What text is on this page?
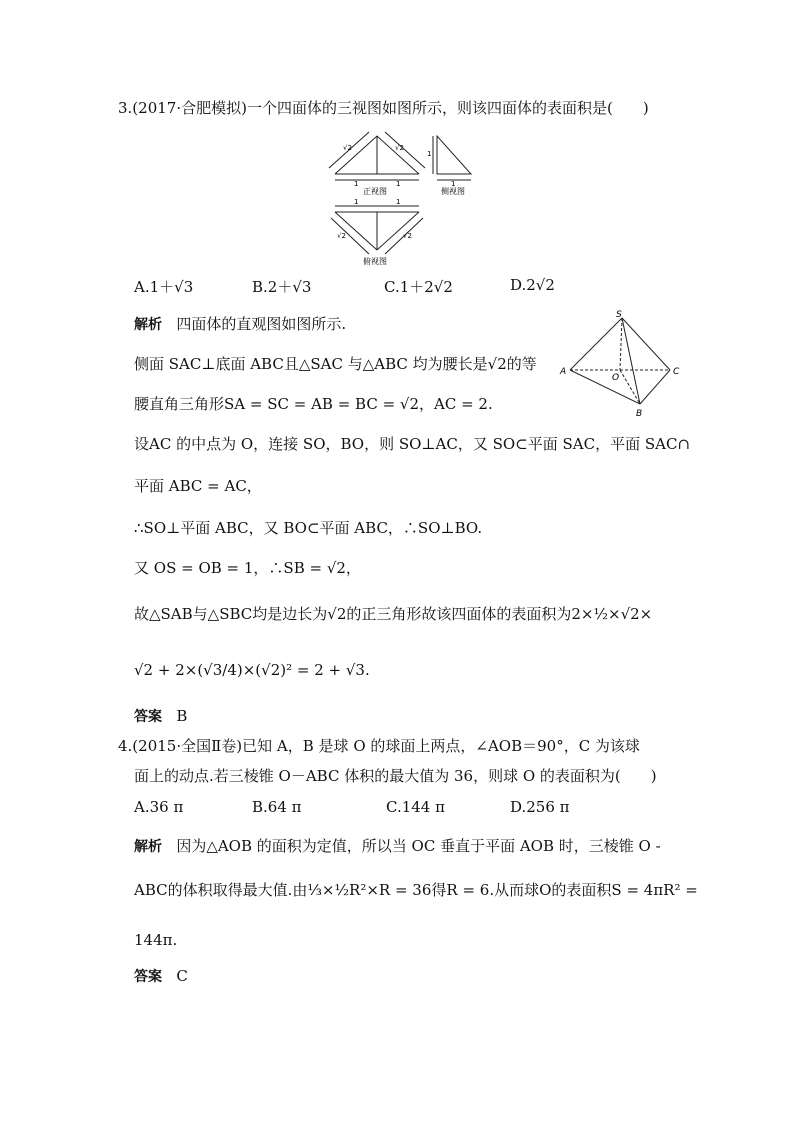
3.(2017·合肥模拟)一个四面体的三视图如图所示，则该四面体的表面积是(　　)
1	1
√2	√2
正视图
1
1
侧视图
1	1
√2	√2
俯视图
A.1＋√3	B.2＋√3	C.1＋2√2	D.2√2
解析 四面体的直观图如图所示.	S
A	C
O
B
侧面 SAC⊥底面 ABC且△SAC 与△ABC 均为腰长是√2的等
腰直角三角形SA = SC = AB = BC = √2，AC = 2.
设AC 的中点为 O，连接 SO，BO，则 SO⊥AC，又 SO⊂平面 SAC，平面 SAC∩
平面 ABC = AC，
∴SO⊥平面 ABC，又 BO⊂平面 ABC，∴SO⊥BO.
又 OS = OB = 1，∴SB = √2，
故△SAB与△SBC均是边长为√2的正三角形故该四面体的表面积为2×½×√2×
√2 + 2×(√3/4)×(√2)² = 2 + √3.
答案 B
4.(2015·全国Ⅱ卷)已知 A，B 是球 O 的球面上两点，∠AOB＝90°，C 为该球
面上的动点.若三棱锥 O－ABC 体积的最大值为 36，则球 O 的表面积为(　　)
A.36 π	B.64 π	C.144 π	D.256 π
解析 因为△AOB 的面积为定值，所以当 OC 垂直于平面 AOB 时，三棱锥 O -
ABC的体积取得最大值.由⅓×½R²×R = 36得R = 6.从而球O的表面积S = 4πR² =
144π.
答案 C
